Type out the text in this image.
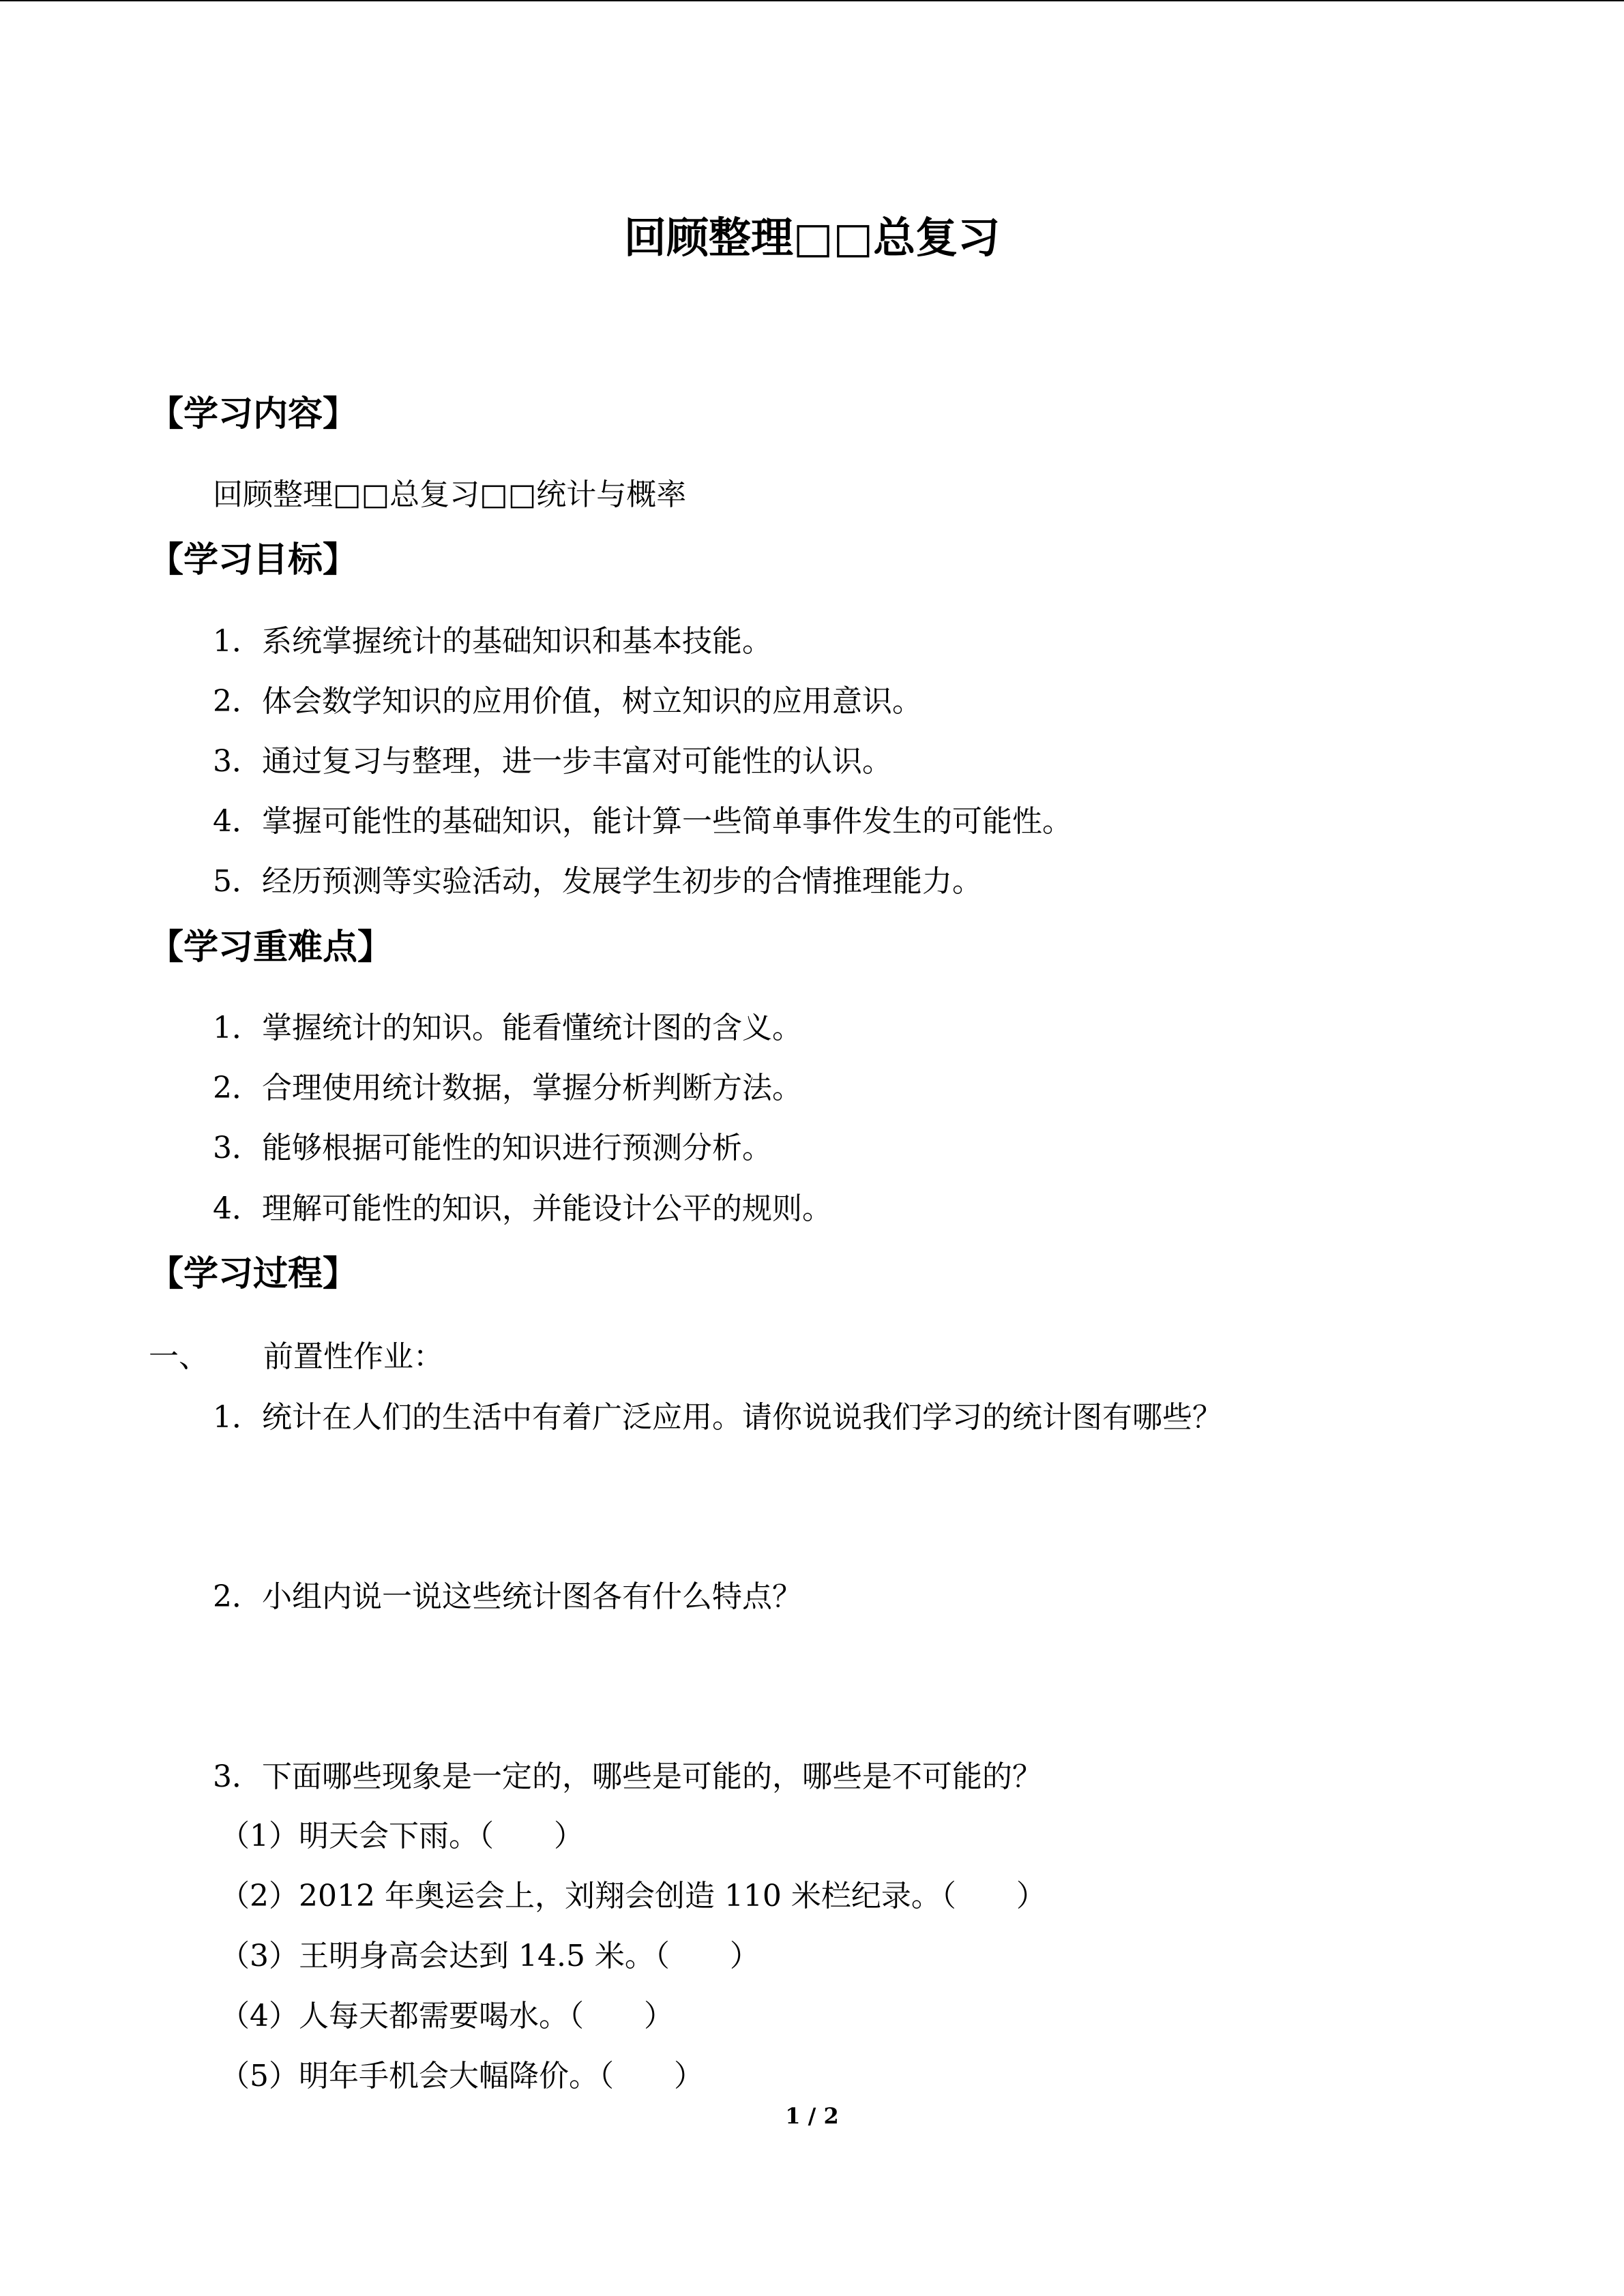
回顾整理□□总复习
【学习内容】
回顾整理□□总复习□□统计与概率
【学习目标】
1．系统掌握统计的基础知识和基本技能。
2．体会数学知识的应用价值，树立知识的应用意识。
3．通过复习与整理，进一步丰富对可能性的认识。
4．掌握可能性的基础知识，能计算一些简单事件发生的可能性。
5．经历预测等实验活动，发展学生初步的合情推理能力。
【学习重难点】
1．掌握统计的知识。能看懂统计图的含义。
2．合理使用统计数据，掌握分析判断方法。
3．能够根据可能性的知识进行预测分析。
4．理解可能性的知识，并能设计公平的规则。
【学习过程】
一、 前置性作业：
1．统计在人们的生活中有着广泛应用。请你说说我们学习的统计图有哪些？
2．小组内说一说这些统计图各有什么特点？
3．下面哪些现象是一定的，哪些是可能的，哪些是不可能的？
（1）明天会下雨。（　　）
（2）2012 年奥运会上，刘翔会创造 110 米栏纪录。（　　）
（3）王明身高会达到 14.5 米。（　　）
（4）人每天都需要喝水。（　　）
（5）明年手机会大幅降价。（　　）
1 / 2
